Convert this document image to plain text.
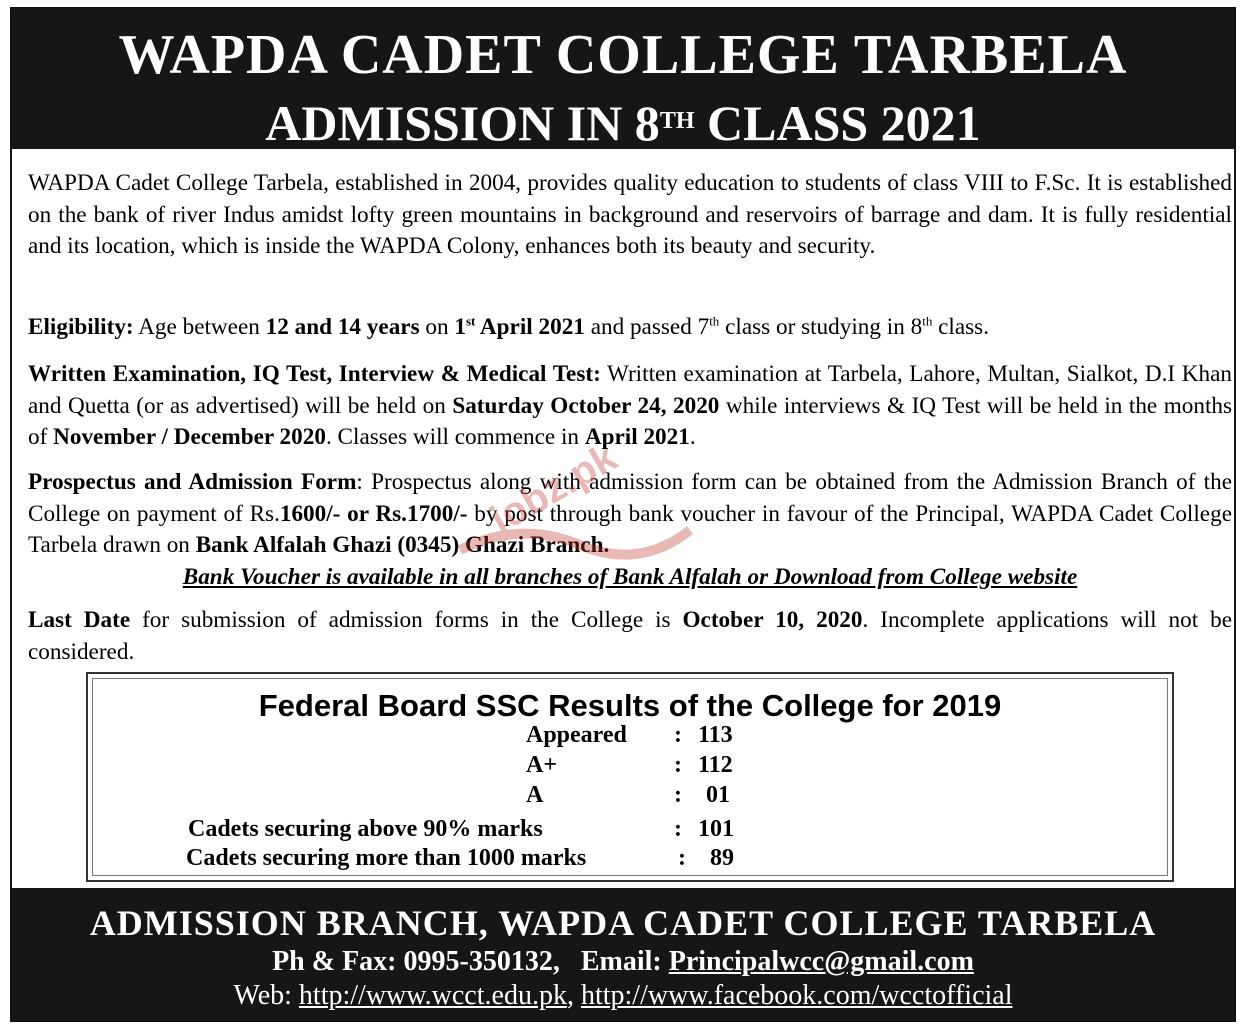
WAPDA CADET COLLEGE TARBELA
ADMISSION IN 8TH CLASS 2021
WAPDA Cadet College Tarbela, established in 2004, provides quality education to students of class VIII to F.Sc. It is established on the bank of river Indus amidst lofty green mountains in background and reservoirs of barrage and dam. It is fully residential and its location, which is inside the WAPDA Colony, enhances both its beauty and security.
Eligibility: Age between 12 and 14 years on 1st April 2021 and passed 7th class or studying in 8th class.
Written Examination, IQ Test, Interview & Medical Test: Written examination at Tarbela, Lahore, Multan, Sialkot, D.I Khan and Quetta (or as advertised) will be held on Saturday October 24, 2020 while interviews & IQ Test will be held in the months of November / December 2020. Classes will commence in April 2021.
Prospectus and Admission Form: Prospectus along with admission form can be obtained from the Admission Branch of the College on payment of Rs.1600/- or Rs.1700/- by post through bank voucher in favour of the Principal, WAPDA Cadet College Tarbela drawn on Bank Alfalah Ghazi (0345) Ghazi Branch.
Bank Voucher is available in all branches of Bank Alfalah or Download from College website
Last Date for submission of admission forms in the College is October 10, 2020. Incomplete applications will not be considered.
jobz.pk
Federal Board SSC Results of the College for 2019
Appeared : 113
A+	: 112
A	: 01
Cadets securing above 90% marks	: 101
Cadets securing more than 1000 marks	: 89
ADMISSION BRANCH, WAPDA CADET COLLEGE TARBELA
Ph & Fax: 0995-350132, Email: Principalwcc@gmail.com
Web: http://www.wcct.edu.pk, http://www.facebook.com/wcctofficial
